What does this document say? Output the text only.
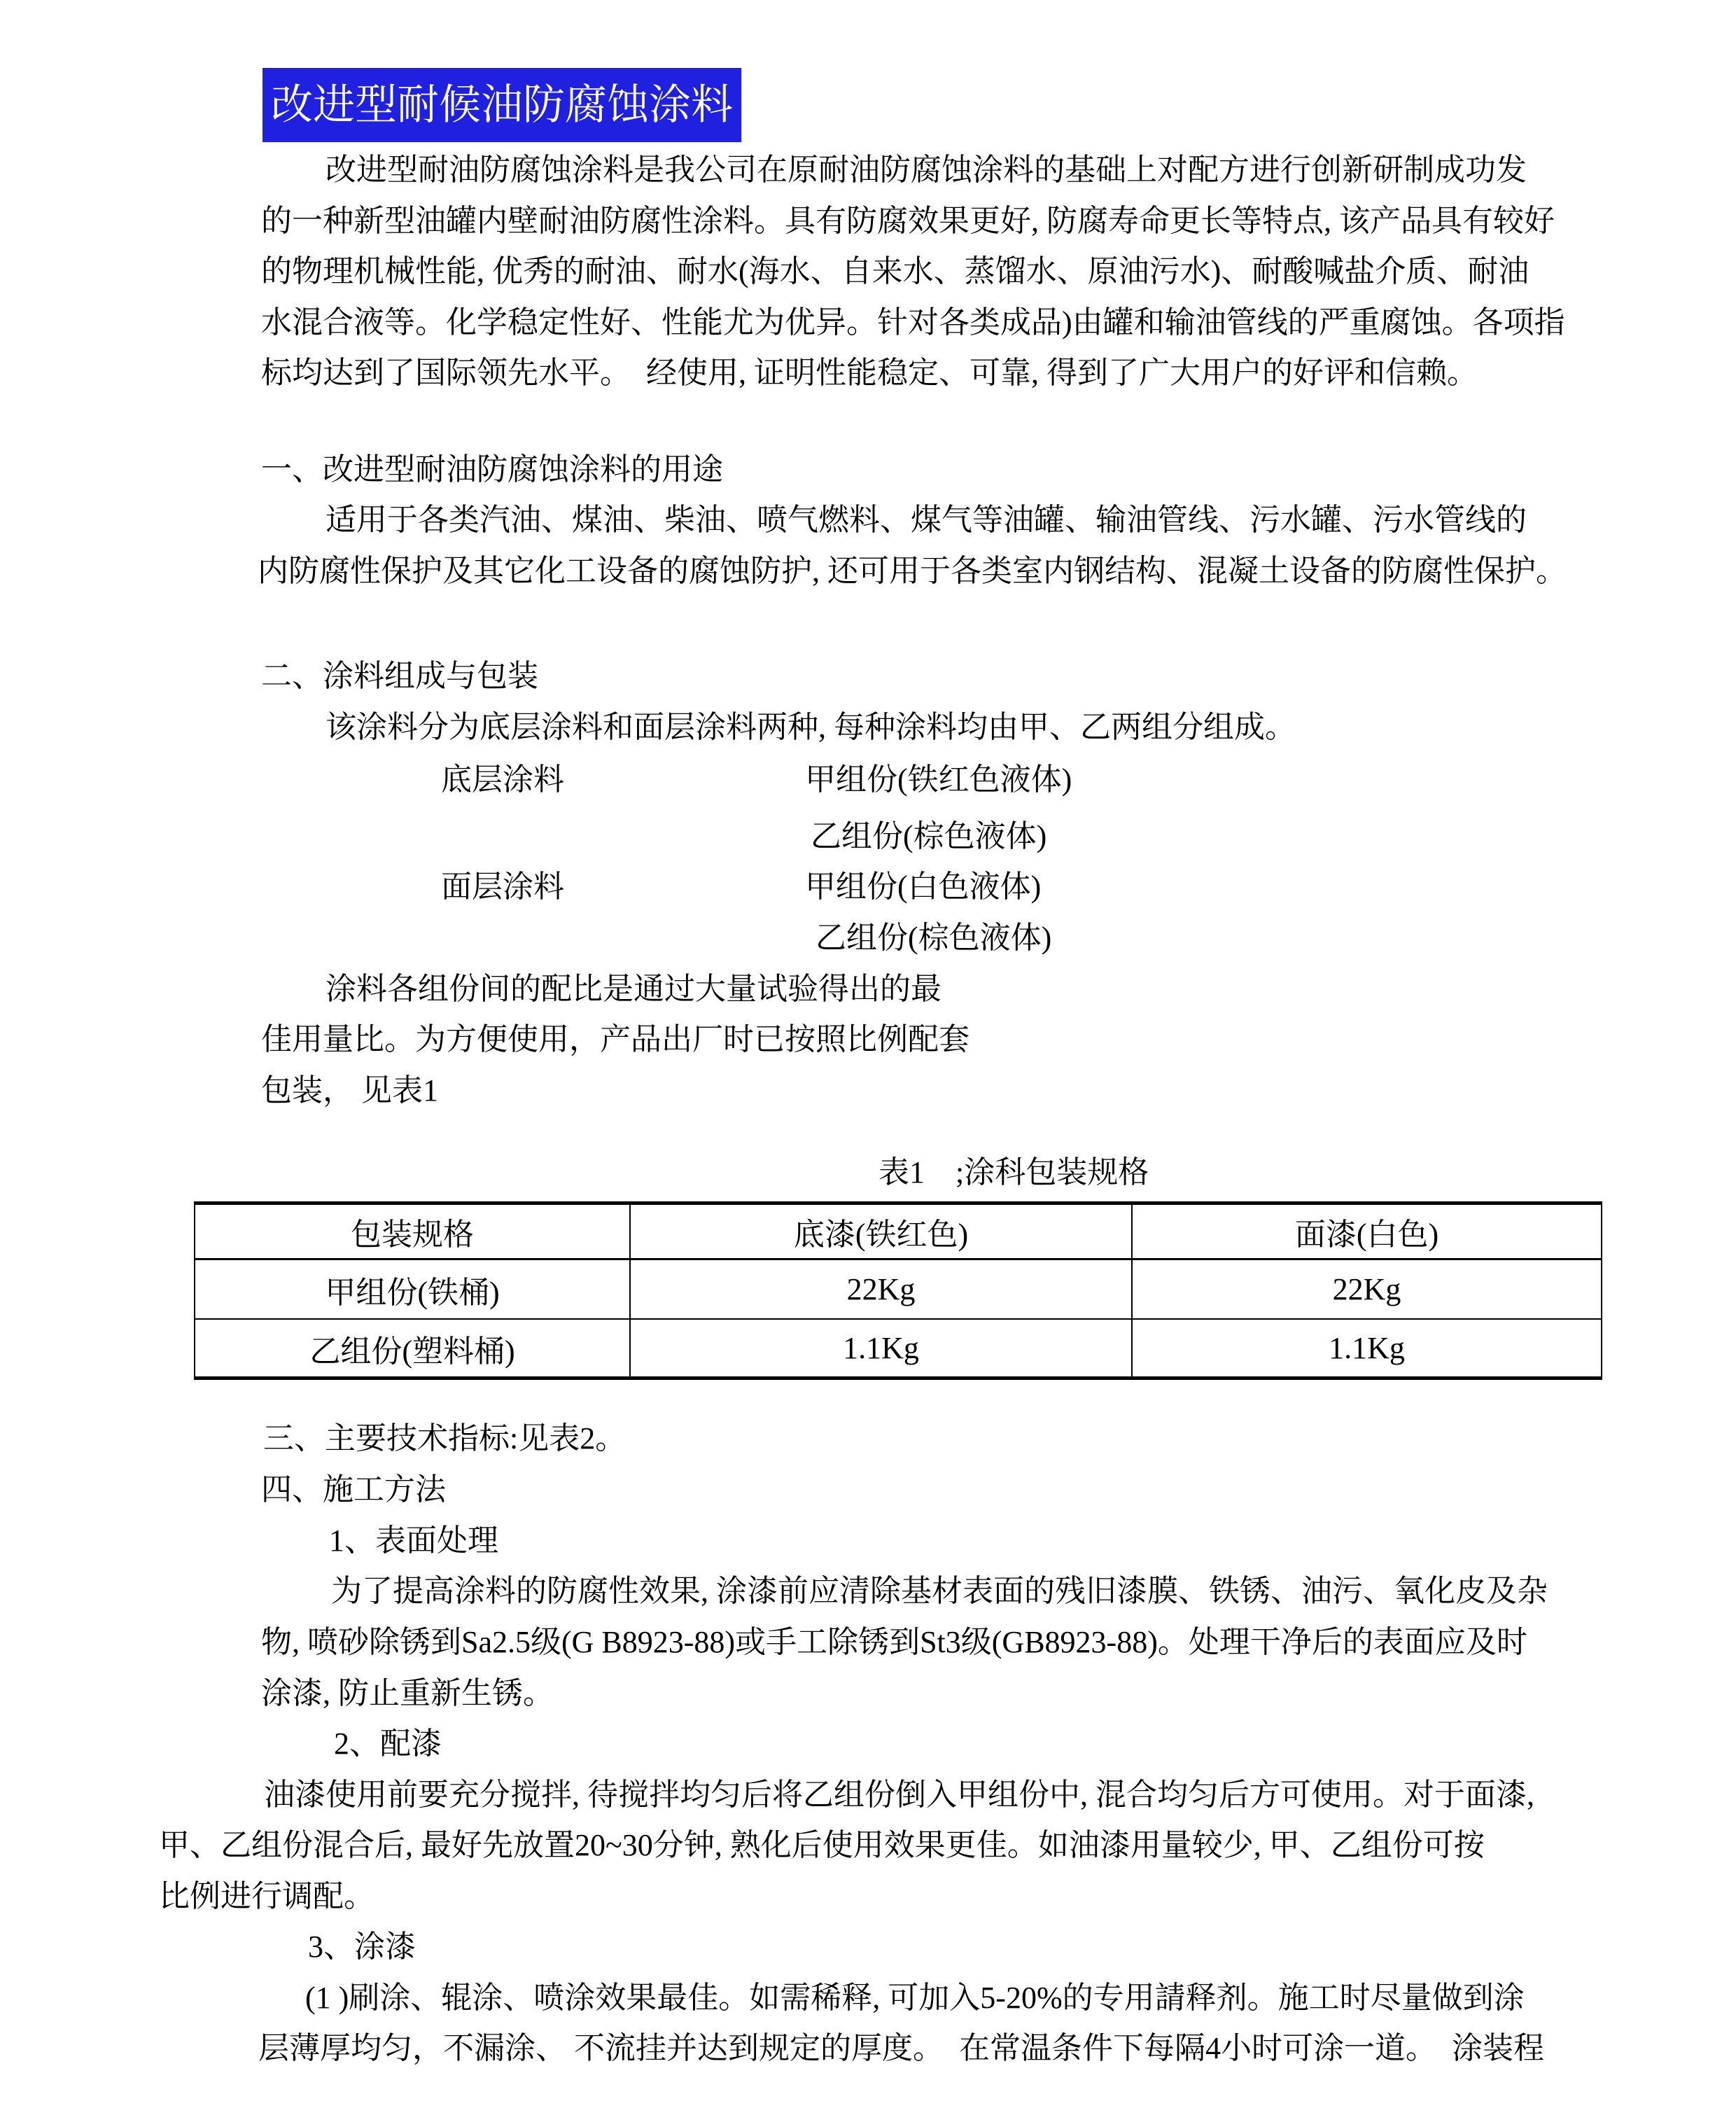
改进型耐候油防腐蚀涂料
改进型耐油防腐蚀涂料是我公司在原耐油防腐蚀涂料的基础上对配方进行创新研制成功发
的一种新型油罐内壁耐油防腐性涂料。具有防腐效果更好, 防腐寿命更长等特点, 该产品具有较好
的物理机械性能, 优秀的耐油、耐水(海水、自来水、蒸馏水、原油污水)、耐酸喊盐介质、耐油
水混合液等。化学稳定性好、性能尤为优异。针对各类成品)由罐和输油管线的严重腐蚀。各项指
标均达到了国际领先水平。  经使用, 证明性能稳定、可靠, 得到了广大用户的好评和信赖。
一、改进型耐油防腐蚀涂料的用途
适用于各类汽油、煤油、柴油、喷气燃料、煤气等油罐、输油管线、污水罐、污水管线的
内防腐性保护及其它化工设备的腐蚀防护, 还可用于各类室内钢结构、混凝土设备的防腐性保护。
二、涂料组成与包装
该涂料分为底层涂料和面层涂料两种, 每种涂料均由甲、乙两组分组成。
底层涂料	甲组份(铁红色液体)
乙组份(棕色液体)
面层涂料	甲组份(白色液体)
乙组份(棕色液体)
涂料各组份间的配比是通过大量试验得出的最
佳用量比。为方便使用，产品出厂时已按照比例配套
包装， 见表1
表1    ;涂科包装规格
包装规格	底漆(铁红色)	面漆(白色)
甲组份(铁桶)	22Kg	22Kg
乙组份(塑料桶)	1.1Kg	1.1Kg
三、主要技术指标:见表2。
四、施工方法
1、表面处理
为了提高涂料的防腐性效果, 涂漆前应清除基材表面的残旧漆膜、铁锈、油污、氧化皮及杂
物, 喷砂除锈到Sa2.5级(G B8923-88)或手工除锈到St3级(GB8923-88)。处理干净后的表面应及时
涂漆, 防止重新生锈。
2、配漆
油漆使用前要充分搅拌, 待搅拌均匀后将乙组份倒入甲组份中, 混合均匀后方可使用。对于面漆,
甲、乙组份混合后, 最好先放置20~30分钟, 熟化后使用效果更佳。如油漆用量较少, 甲、乙组份可按
比例进行调配。
3、涂漆
(1 )刷涂、辊涂、喷涂效果最佳。如需稀释, 可加入5-20%的专用請释剂。施工时尽量做到涂
层薄厚均匀，不漏涂、 不流挂并达到规定的厚度。  在常温条件下每隔4小时可涂一道。  涂装程
